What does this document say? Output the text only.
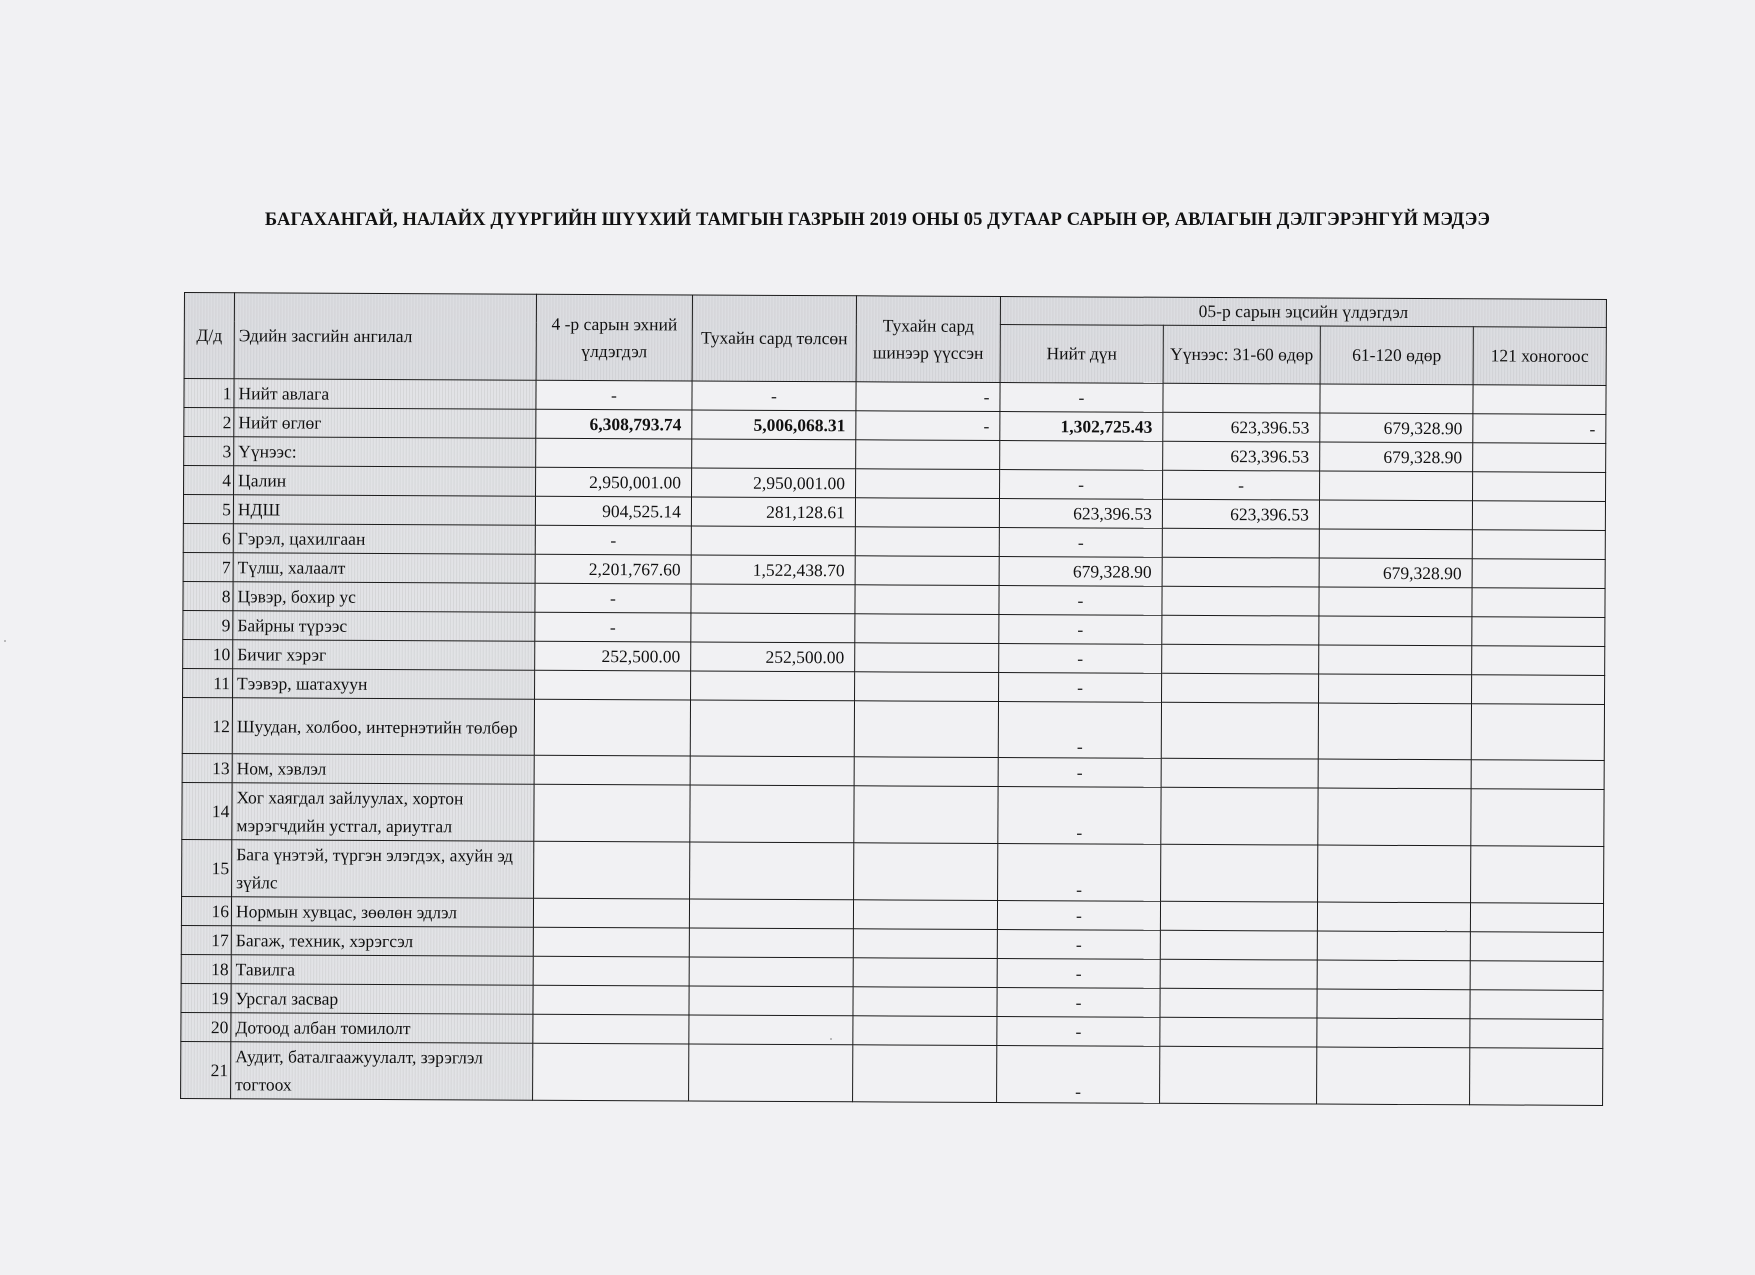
БАГАХАНГАЙ, НАЛАЙХ ДҮҮРГИЙН ШҮҮХИЙ ТАМГЫН ГАЗРЫН 2019 ОНЫ 05 ДУГААР САРЫН ӨР, АВЛАГЫН ДЭЛГЭРЭНГҮЙ МЭДЭЭ
Д/д	Эдийн засгийн ангилал	4 -р сарын эхний үлдэгдэл	Тухайн сард төлсөн	Тухайн сард шинээр үүссэн	05-р сарын эцсийн үлдэгдэл			
					Нийт дүн	Үүнээс: 31-60 өдөр	61-120 өдөр	121 хоногоос
1	Нийт авлага	-	-	-	-			
2	Нийт өглөг	6,308,793.74	5,006,068.31	-	1,302,725.43	623,396.53	679,328.90	-
3	Үүнээс:					623,396.53	679,328.90	
4	Цалин	2,950,001.00	2,950,001.00		-	-		
5	НДШ	904,525.14	281,128.61		623,396.53	623,396.53		
6	Гэрэл, цахилгаан	-			-			
7	Түлш, халаалт	2,201,767.60	1,522,438.70		679,328.90		679,328.90	
8	Цэвэр, бохир ус	-			-			
9	Байрны түрээс	-			-			
10	Бичиг хэрэг	252,500.00	252,500.00		-			
11	Тээвэр, шатахуун				-			
12	Шуудан, холбоо, интернэтийн төлбөр				-			
13	Ном, хэвлэл				-			
14	Хог хаягдал зайлуулах, хортон мэрэгчдийн устгал, ариутгал				-			
15	Бага үнэтэй, түргэн элэгдэх, ахуйн эд зүйлс				-			
16	Нормын хувцас, зөөлөн эдлэл				-			
17	Багаж, техник, хэрэгсэл				-			
18	Тавилга				-			
19	Урсгал засвар				-			
20	Дотоод албан томилолт				-			
21	Аудит, баталгаажуулалт, зэрэглэл тогтоох				-			
